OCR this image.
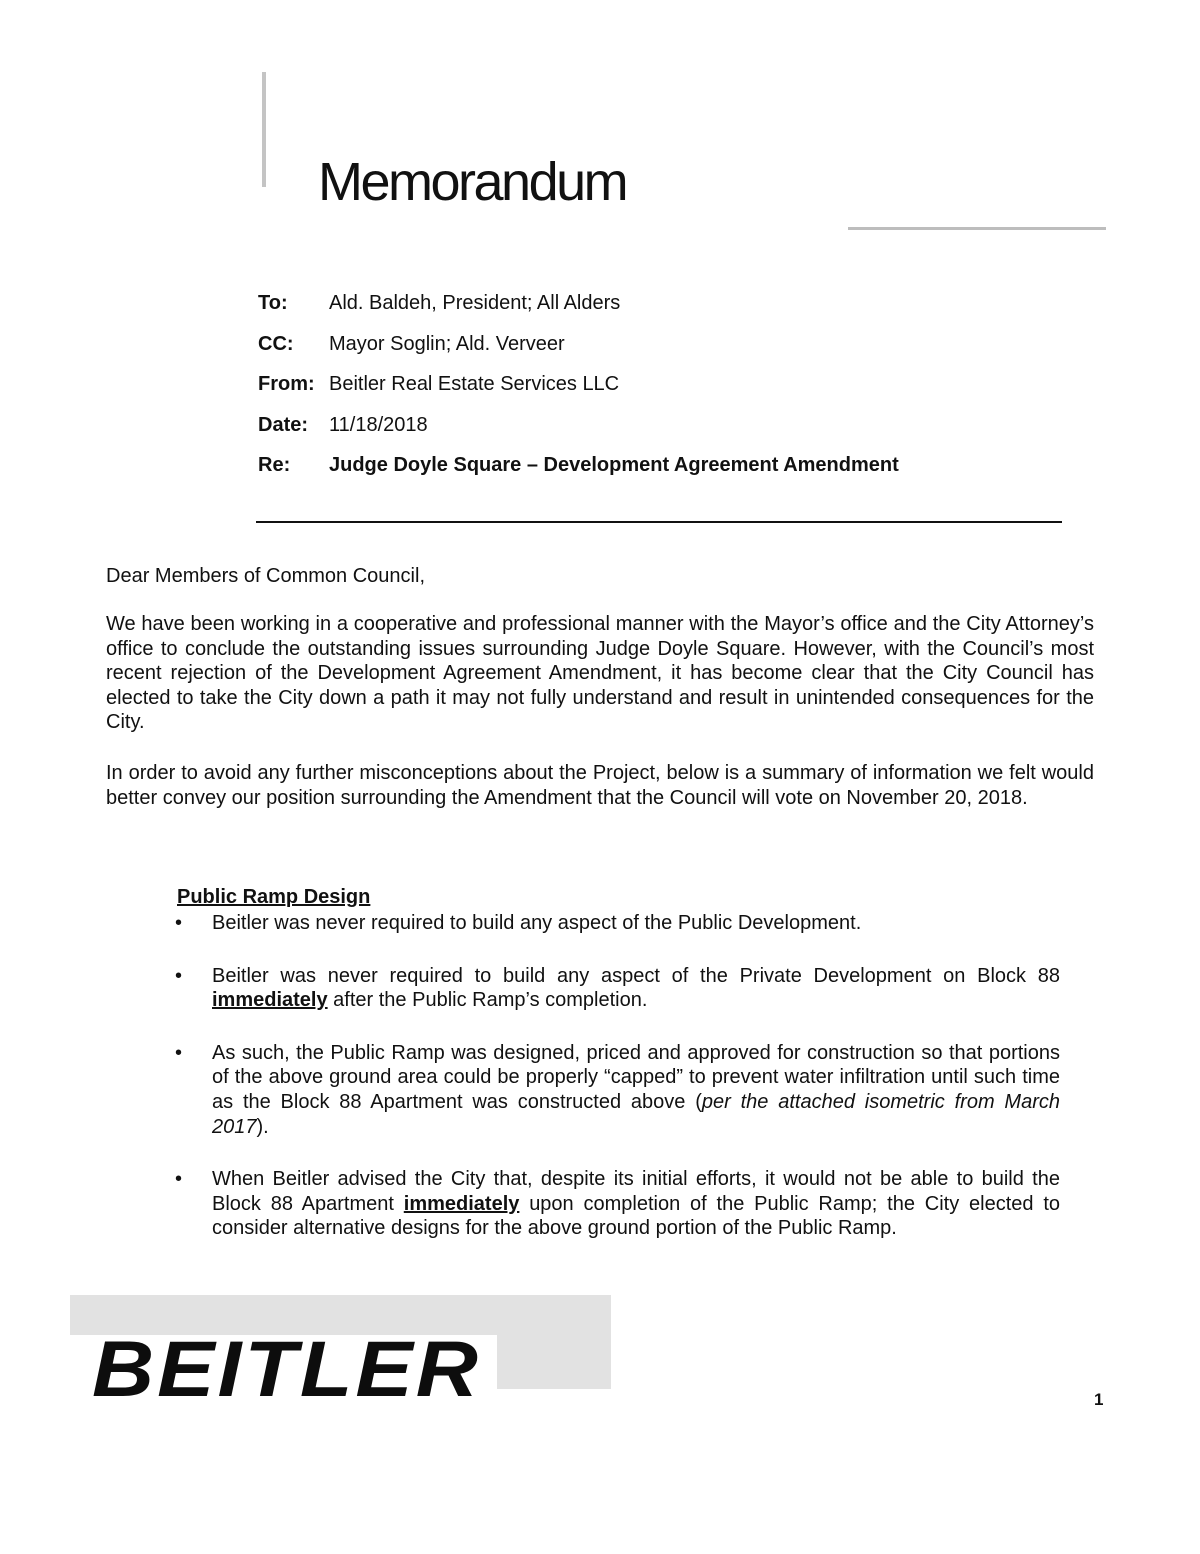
Memorandum
To:	Ald. Baldeh, President; All Alders
CC:	Mayor Soglin; Ald. Verveer
From: Beitler Real Estate Services LLC
Date:	11/18/2018
Re:	Judge Doyle Square – Development Agreement Amendment

Dear Members of Common Council,

We have been working in a cooperative and professional manner with the Mayor’s office and the City Attorney’s office to conclude the outstanding issues surrounding Judge Doyle Square. However, with the Council’s most recent rejection of the Development Agreement Amendment, it has become clear that the City Council has elected to take the City down a path it may not fully understand and result in unintended consequences for the City.

In order to avoid any further misconceptions about the Project, below is a summary of information we felt would better convey our position surrounding the Amendment that the Council will vote on November 20, 2018.

Public Ramp Design
• Beitler was never required to build any aspect of the Public Development.
• Beitler was never required to build any aspect of the Private Development on Block 88 immediately after the Public Ramp’s completion.
• As such, the Public Ramp was designed, priced and approved for construction so that portions of the above ground area could be properly “capped” to prevent water infiltration until such time as the Block 88 Apartment was constructed above (per the attached isometric from March 2017).
• When Beitler advised the City that, despite its initial efforts, it would not be able to build the Block 88 Apartment immediately upon completion of the Public Ramp; the City elected to consider alternative designs for the above ground portion of the Public Ramp.
BEITLER	1
